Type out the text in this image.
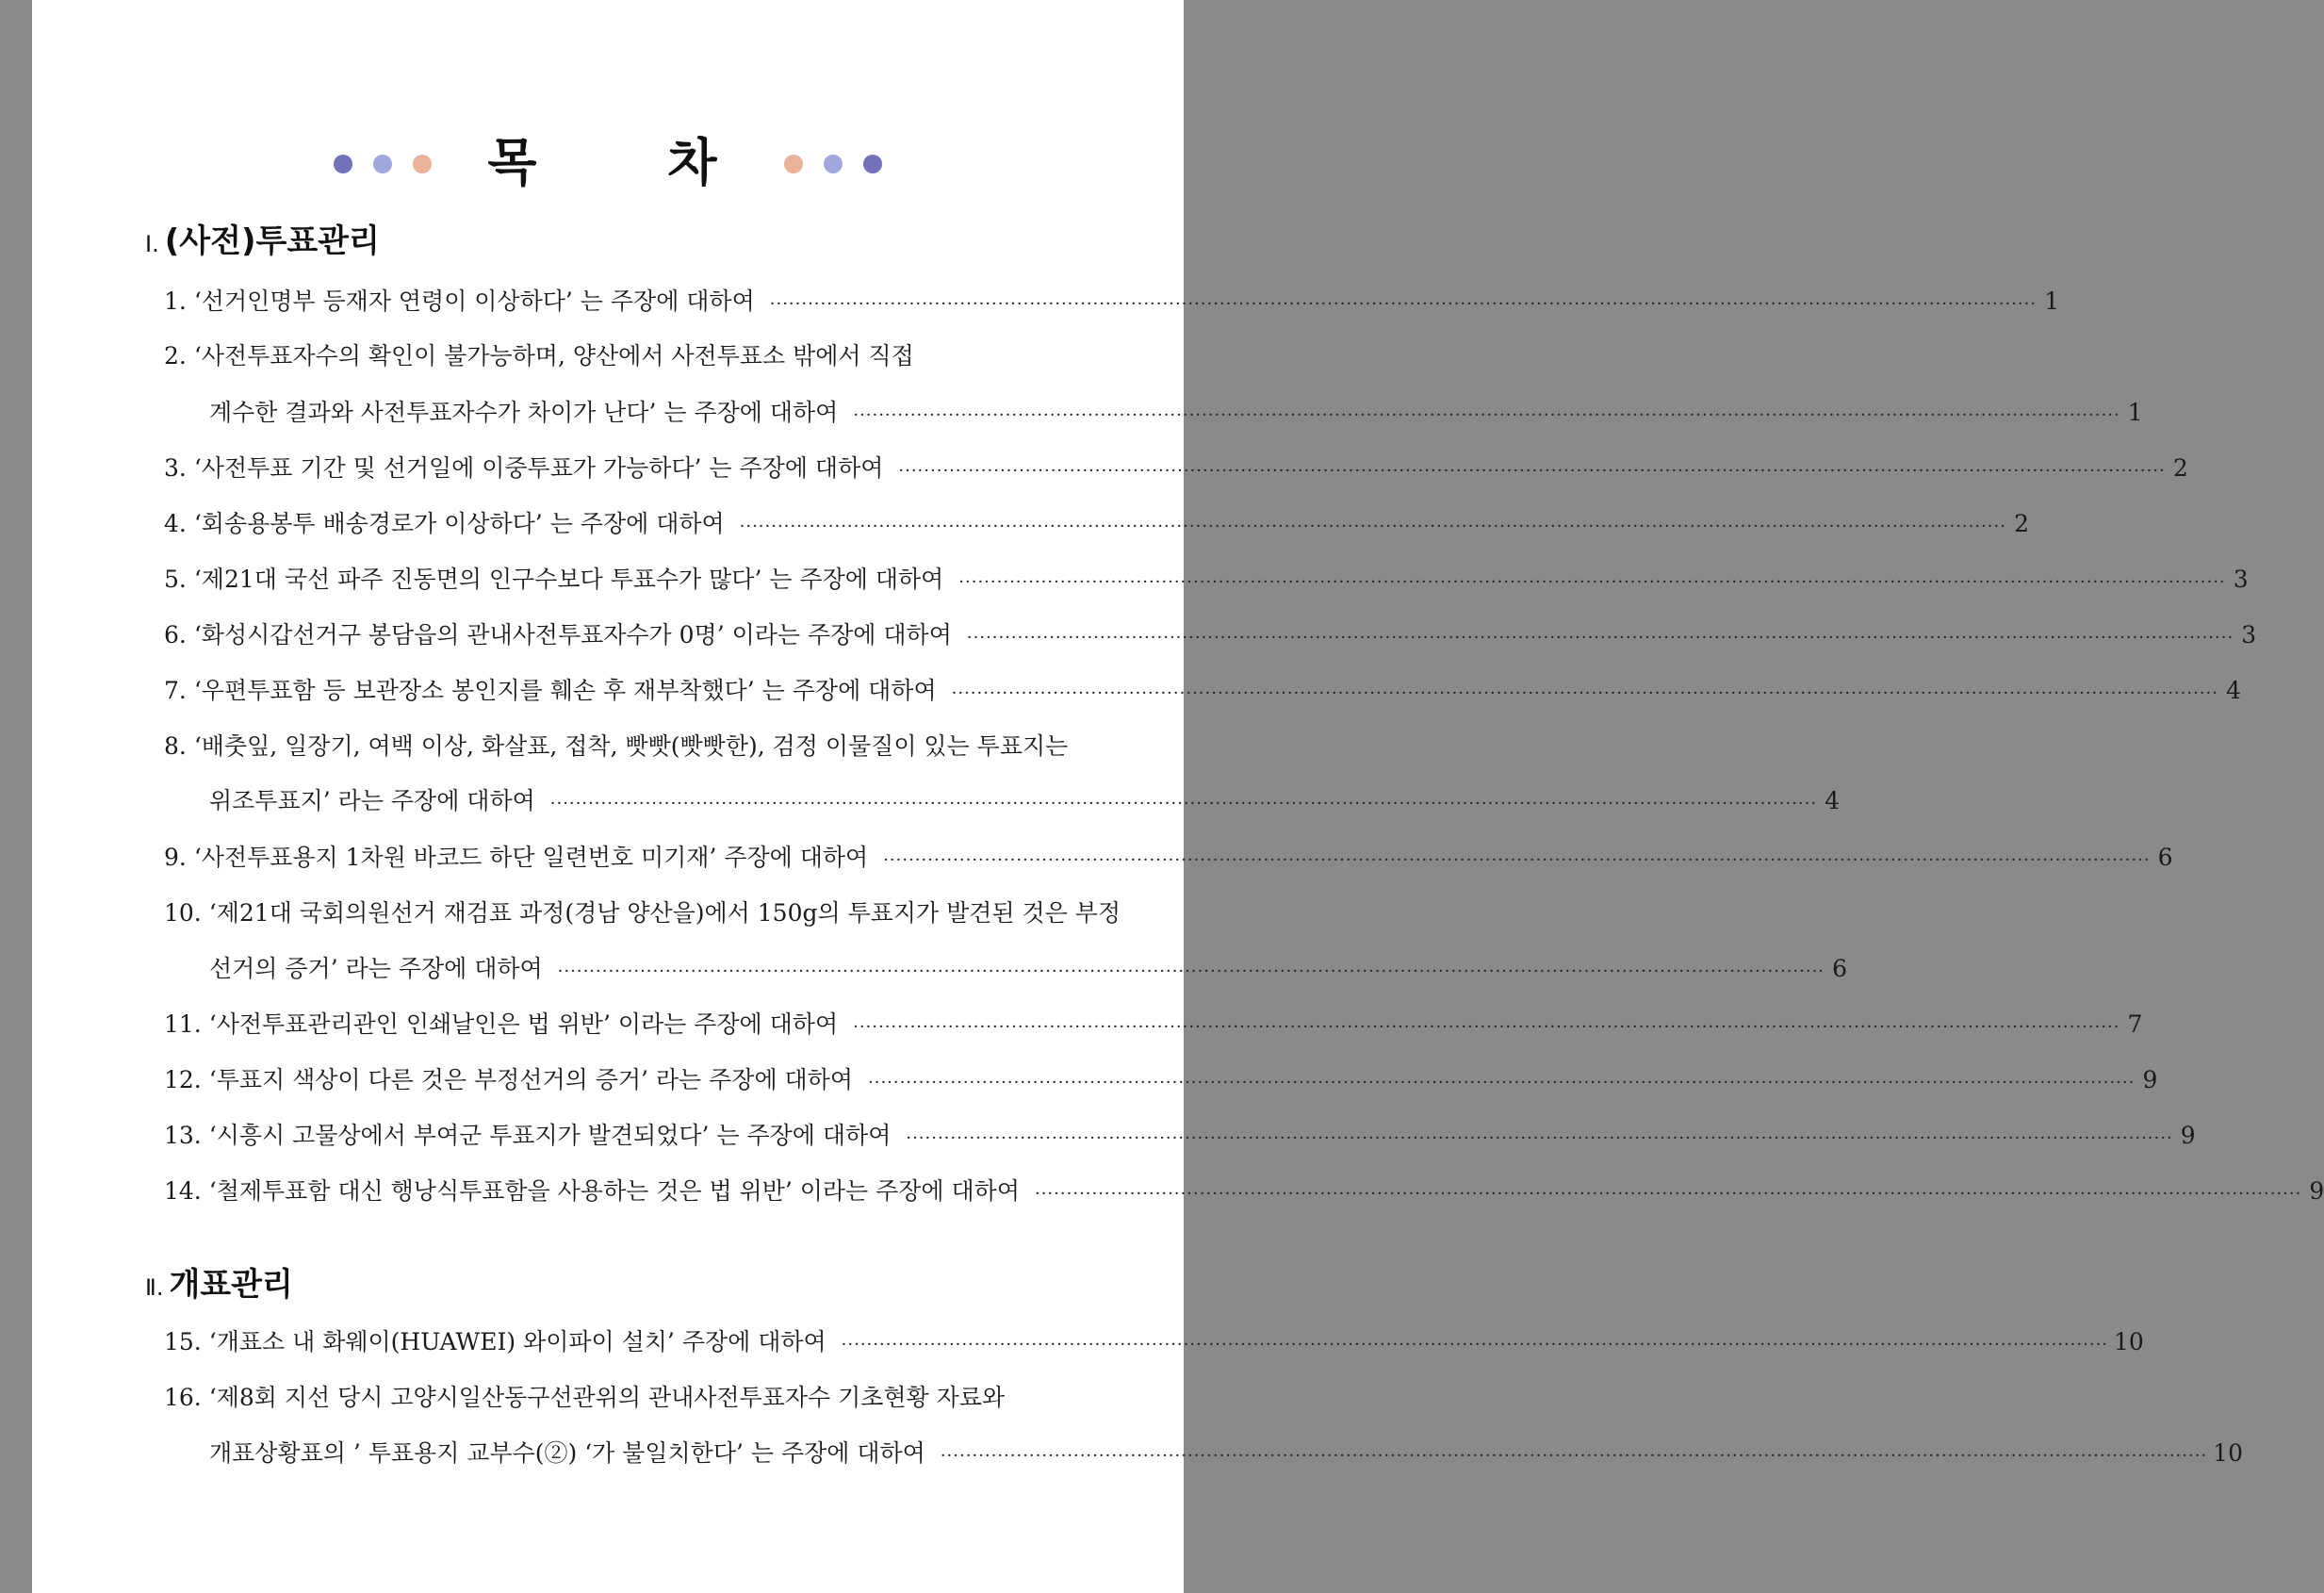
목 차
Ⅰ. (사전)투표관리
Ⅱ. 개표관리
1. ‘선거인명부 등재자 연령이 이상하다’ 는 주장에 대하여 ········································································································································································································ 1
2. ‘사전투표자수의 확인이 불가능하며, 양산에서 사전투표소 밖에서 직접
계수한 결과와 사전투표자수가 차이가 난다’ 는 주장에 대하여 ········································································································································································································ 1
3. ‘사전투표 기간 및 선거일에 이중투표가 가능하다’ 는 주장에 대하여 ········································································································································································································ 2
4. ‘회송용봉투 배송경로가 이상하다’ 는 주장에 대하여 ········································································································································································································ 2
5. ‘제21대 국선 파주 진동면의 인구수보다 투표수가 많다’ 는 주장에 대하여 ········································································································································································································ 3
6. ‘화성시갑선거구 봉담읍의 관내사전투표자수가 0명’ 이라는 주장에 대하여 ········································································································································································································ 3
7. ‘우편투표함 등 보관장소 봉인지를 훼손 후 재부착했다’ 는 주장에 대하여 ········································································································································································································ 4
8. ‘배춧잎, 일장기, 여백 이상, 화살표, 접착, 빳빳(빳빳한), 검정 이물질이 있는 투표지는
위조투표지’ 라는 주장에 대하여 ········································································································································································································ 4
9. ‘사전투표용지 1차원 바코드 하단 일련번호 미기재’ 주장에 대하여 ········································································································································································································ 6
10. ‘제21대 국회의원선거 재검표 과정(경남 양산을)에서 150g의 투표지가 발견된 것은 부정
선거의 증거’ 라는 주장에 대하여 ········································································································································································································ 6
11. ‘사전투표관리관인 인쇄날인은 법 위반’ 이라는 주장에 대하여 ········································································································································································································ 7
12. ‘투표지 색상이 다른 것은 부정선거의 증거’ 라는 주장에 대하여 ········································································································································································································ 9
13. ‘시흥시 고물상에서 부여군 투표지가 발견되었다’ 는 주장에 대하여 ········································································································································································································ 9
14. ‘철제투표함 대신 행낭식투표함을 사용하는 것은 법 위반’ 이라는 주장에 대하여 ········································································································································································································ 9
15. ‘개표소 내 화웨이(HUAWEI) 와이파이 설치’ 주장에 대하여 ········································································································································································································ 10
16. ‘제8회 지선 당시 고양시일산동구선관위의 관내사전투표자수 기초현황 자료와
개표상황표의 ’ 투표용지 교부수(②) ‘가 불일치한다’ 는 주장에 대하여 ········································································································································································································ 10
